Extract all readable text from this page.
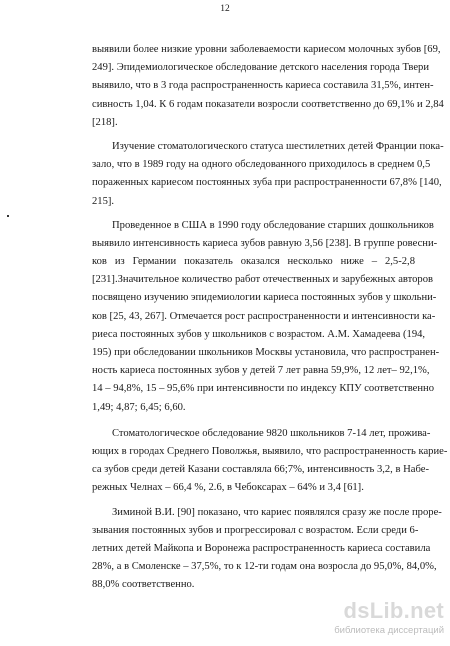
12
выявили более низкие уровни заболеваемости кариесом молочных зубов [69,
249]. Эпидемиологическое обследование детского населения города Твери
выявило, что в 3 года распространенность кариеса составила 31,5%, интен-
сивность 1,04. К 6 годам показатели возросли соответственно до 69,1% и 2,84
[218].
Изучение стоматологического статуса шестилетних детей Франции пока-
зало, что в 1989 году на одного обследованного приходилось в среднем 0,5
пораженных кариесом постоянных зуба при распространенности 67,8% [140,
215].
Проведенное в США в 1990 году обследование старших дошкольников
выявило интенсивность кариеса зубов равную 3,56 [238]. В группе ровесни-
ков из Германии показатель оказался несколько ниже – 2,5-2,8
[231].Значительное количество работ отечественных и зарубежных авторов
посвящено изучению эпидемиологии кариеса постоянных зубов у школьни-
ков [25, 43, 267]. Отмечается рост распространенности и интенсивности ка-
риеса постоянных зубов у школьников с возрастом. А.М. Хамадеева (194,
195) при обследовании школьников Москвы установила, что распространен-
ность кариеса постоянных зубов у детей 7 лет равна 59,9%, 12 лет– 92,1%,
14 – 94,8%, 15 – 95,6% при интенсивности по индексу КПУ соответственно
1,49; 4,87; 6,45; 6,60.
Стоматологическое обследование 9820 школьников 7-14 лет, прожива-
ющих в городах Среднего Поволжья, выявило, что распространенность карие-
са зубов среди детей Казани составляла 66;7%, интенсивность 3,2, в Набе-
режных Челнах – 66,4 %, 2.6, в Чебоксарах – 64% и 3,4 [61].
Зиминой В.И. [90] показано, что кариес появлялся сразу же после проре-
зывания постоянных зубов и прогрессировал с возрастом. Если среди 6-
летних детей Майкопа и Воронежа распространенность кариеса составила
28%, а в Смоленске – 37,5%, то к 12-ти годам она возросла до 95,0%, 84,0%,
88,0% соответственно.
dsLib.net
библиотека диссертаций
